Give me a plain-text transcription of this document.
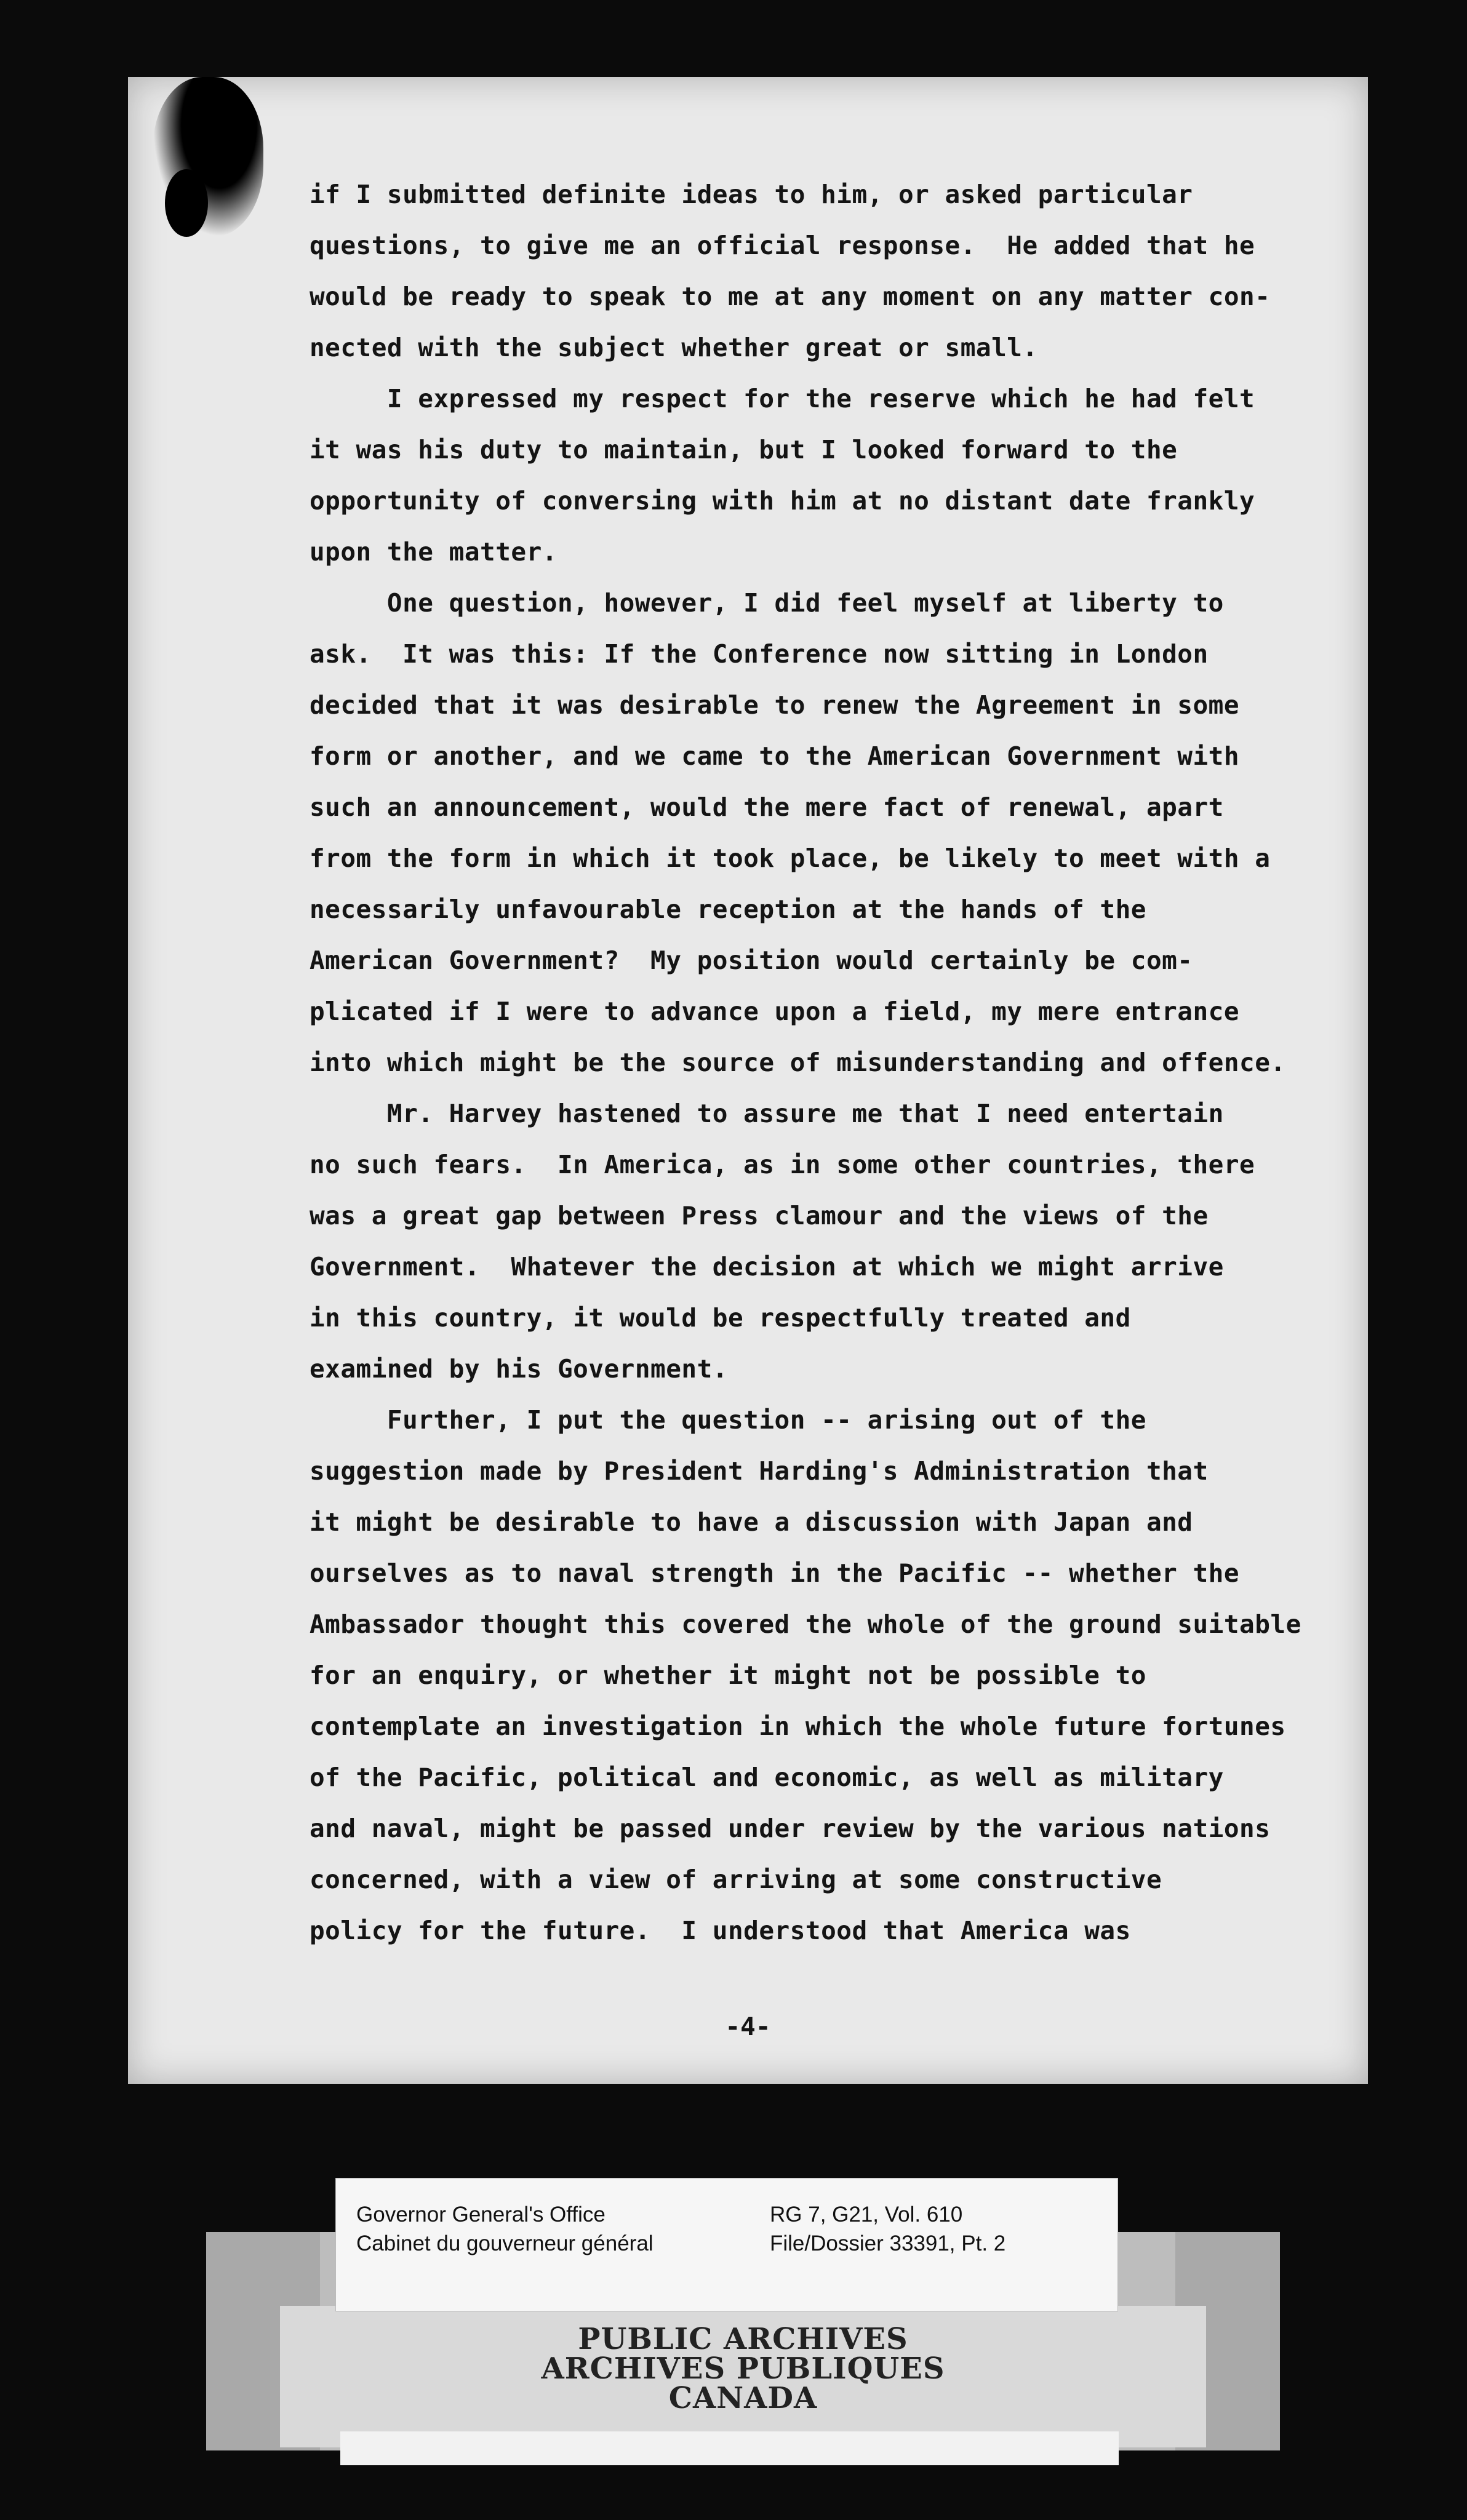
if I submitted definite ideas to him, or asked particular

questions, to give me an official response.  He added that he

would be ready to speak to me at any moment on any matter con-

nected with the subject whether great or small.

I expressed my respect for the reserve which he had felt

it was his duty to maintain, but I looked forward to the

opportunity of conversing with him at no distant date frankly

upon the matter.

One question, however, I did feel myself at liberty to

ask.  It was this: If the Conference now sitting in London

decided that it was desirable to renew the Agreement in some

form or another, and we came to the American Government with

such an announcement, would the mere fact of renewal, apart

from the form in which it took place, be likely to meet with a

necessarily unfavourable reception at the hands of the

American Government?  My position would certainly be com-

plicated if I were to advance upon a field, my mere entrance

into which might be the source of misunderstanding and offence.

Mr. Harvey hastened to assure me that I need entertain

no such fears.  In America, as in some other countries, there

was a great gap between Press clamour and the views of the

Government.  Whatever the decision at which we might arrive

in this country, it would be respectfully treated and

examined by his Government.

Further, I put the question -- arising out of the

suggestion made by President Harding's Administration that

it might be desirable to have a discussion with Japan and

ourselves as to naval strength in the Pacific -- whether the

Ambassador thought this covered the whole of the ground suitable

for an enquiry, or whether it might not be possible to

contemplate an investigation in which the whole future fortunes

of the Pacific, political and economic, as well as military

and naval, might be passed under review by the various nations

concerned, with a view of arriving at some constructive

policy for the future.  I understood that America was

-4-
PUBLIC ARCHIVES
ARCHIVES PUBLIQUES
CANADA
Governor General's Office
Cabinet du gouverneur général
RG 7, G21, Vol. 610
File/Dossier 33391, Pt. 2
